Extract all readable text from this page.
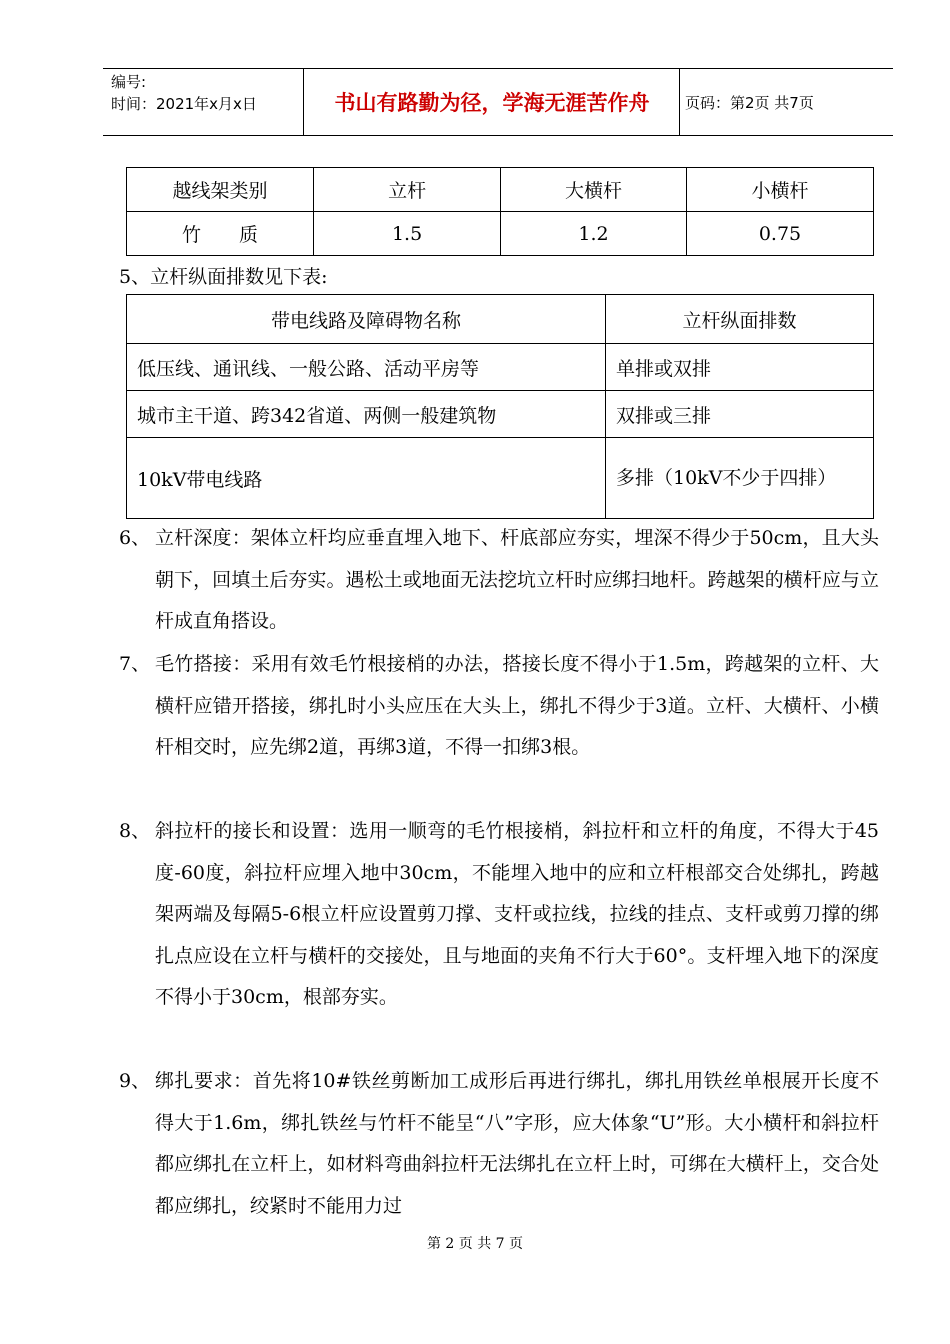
编号:
时间：2021年x月x日	书山有路勤为径，学海无涯苦作舟	页码：第2页 共7页
越线架类别	立杆	大横杆	小横杆
竹　　质	1.5	1.2	0.75
5、立杆纵面排数见下表:
带电线路及障碍物名称	立杆纵面排数
低压线、通讯线、一般公路、活动平房等	单排或双排
城市主干道、跨342省道、两侧一般建筑物	双排或三排
10kV带电线路	多排（10kV不少于四排）
6、 立杆深度：架体立杆均应垂直埋入地下、杆底部应夯实，埋深不得少于50cm，且大头朝下，回填土后夯实。遇松土或地面无法挖坑立杆时应绑扫地杆。跨越架的横杆应与立杆成直角搭设。
7、 毛竹搭接：采用有效毛竹根接梢的办法，搭接长度不得小于1.5m，跨越架的立杆、大横杆应错开搭接，绑扎时小头应压在大头上，绑扎不得少于3道。立杆、大横杆、小横杆相交时，应先绑2道，再绑3道，不得一扣绑3根。
8、 斜拉杆的接长和设置：选用一顺弯的毛竹根接梢，斜拉杆和立杆的角度，不得大于45度-60度，斜拉杆应埋入地中30cm，不能埋入地中的应和立杆根部交合处绑扎，跨越架两端及每隔5-6根立杆应设置剪刀撑、支杆或拉线，拉线的挂点、支杆或剪刀撑的绑扎点应设在立杆与横杆的交接处，且与地面的夹角不行大于60°。支杆埋入地下的深度不得小于30cm，根部夯实。
9、 绑扎要求：首先将10#铁丝剪断加工成形后再进行绑扎，绑扎用铁丝单根展开长度不得大于1.6m，绑扎铁丝与竹杆不能呈“八”字形，应大体象“U”形。大小横杆和斜拉杆都应绑扎在立杆上，如材料弯曲斜拉杆无法绑扎在立杆上时，可绑在大横杆上，交合处都应绑扎，绞紧时不能用力过
第 2 页 共 7 页
